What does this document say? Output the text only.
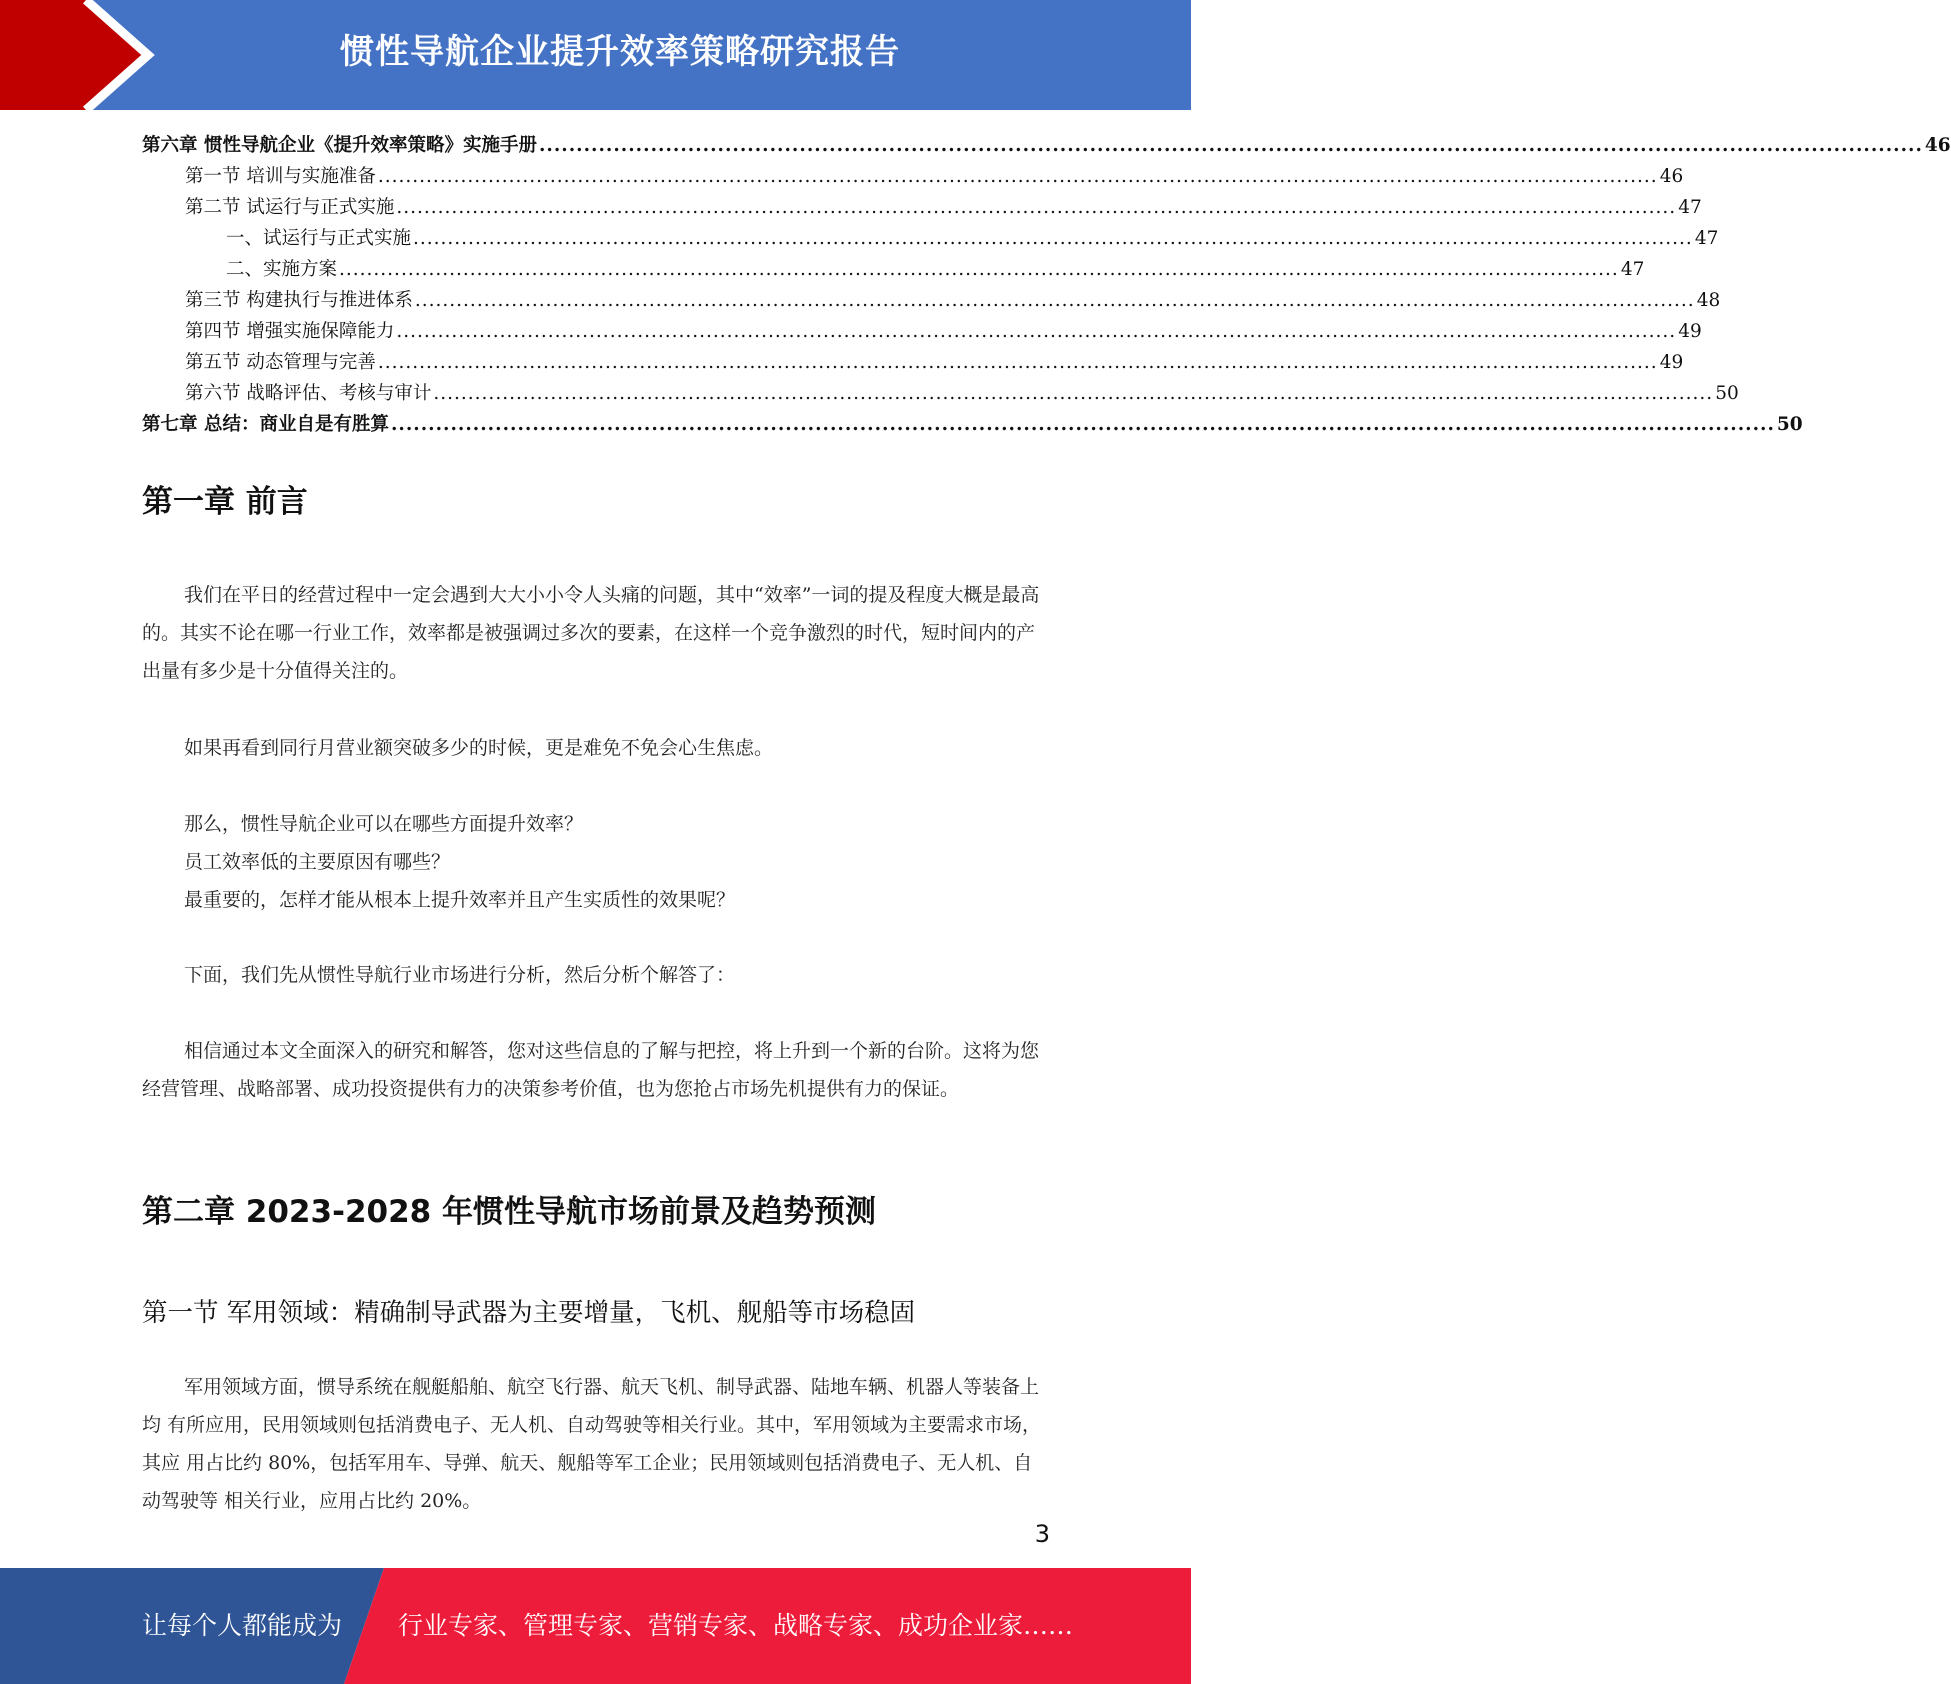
惯性导航企业提升效率策略研究报告
第六章 惯性导航企业《提升效率策略》实施手册 .......................................................................................................................................................................................... 46
第一节 培训与实施准备 .......................................................................................................................................................................................... 46
第二节 试运行与正式实施 .......................................................................................................................................................................................... 47
一、试运行与正式实施 .......................................................................................................................................................................................... 47
二、实施方案 .......................................................................................................................................................................................... 47
第三节 构建执行与推进体系 .......................................................................................................................................................................................... 48
第四节 增强实施保障能力 .......................................................................................................................................................................................... 49
第五节 动态管理与完善 .......................................................................................................................................................................................... 49
第六节 战略评估、考核与审计 .......................................................................................................................................................................................... 50
第七章 总结：商业自是有胜算 .......................................................................................................................................................................................... 50
第一章 前言

我们在平日的经营过程中一定会遇到大大小小令人头痛的问题，其中“效率”一词的提及程度大概是最高的。其实不论在哪一行业工作，效率都是被强调过多次的要素，在这样一个竞争激烈的时代，短时间内的产出量有多少是十分值得关注的。

如果再看到同行月营业额突破多少的时候，更是难免不免会心生焦虑。

那么，惯性导航企业可以在哪些方面提升效率？

员工效率低的主要原因有哪些？

最重要的，怎样才能从根本上提升效率并且产生实质性的效果呢？

下面，我们先从惯性导航行业市场进行分析，然后分析个解答了：

相信通过本文全面深入的研究和解答，您对这些信息的了解与把控，将上升到一个新的台阶。这将为您经营管理、战略部署、成功投资提供有力的决策参考价值，也为您抢占市场先机提供有力的保证。

第二章 2023-2028 年惯性导航市场前景及趋势预测
第一节 军用领域：精确制导武器为主要增量，飞机、舰船等市场稳固

军用领域方面，惯导系统在舰艇船舶、航空飞行器、航天飞机、制导武器、陆地车辆、机器人等装备上均 有所应用，民用领域则包括消费电子、无人机、自动驾驶等相关行业。其中，军用领域为主要需求市场，其应 用占比约 80%，包括军用车、导弹、航天、舰船等军工企业；民用领域则包括消费电子、无人机、自动驾驶等 相关行业，应用占比约 20%。

3
让每个人都能成为 行业专家、管理专家、营销专家、战略专家、成功企业家……
